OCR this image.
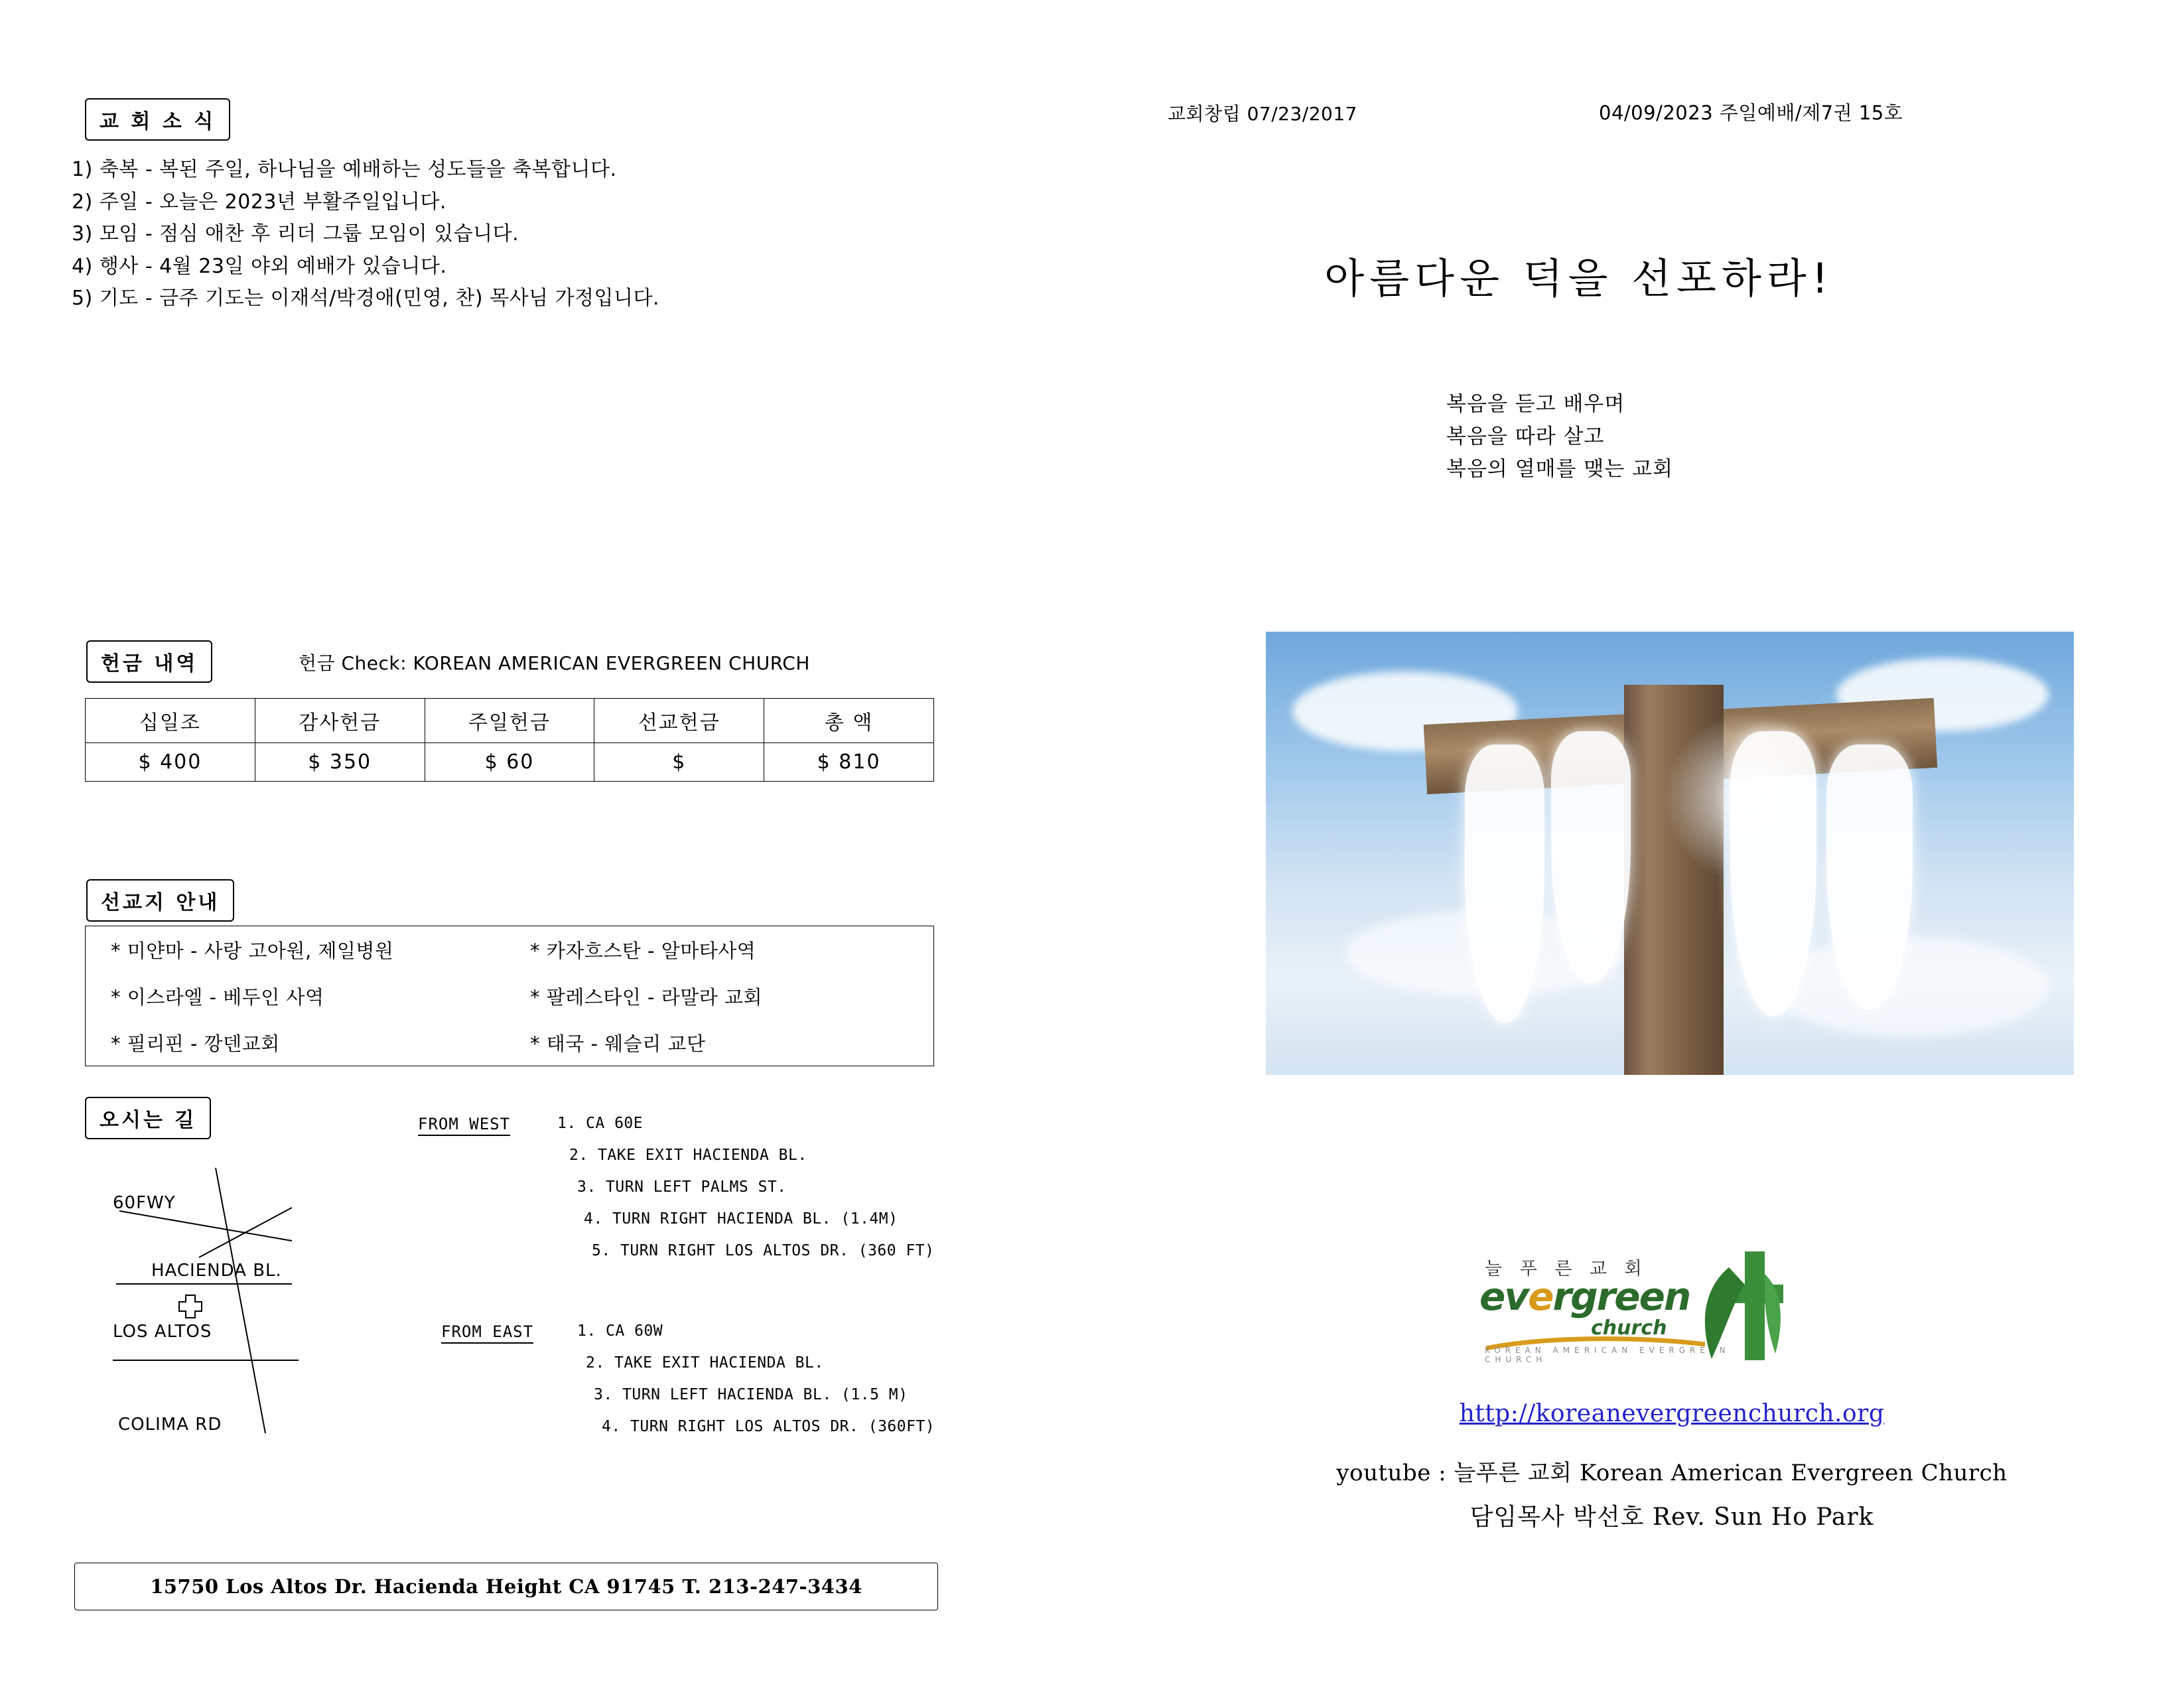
교 회 소 식
1) 축복 - 복된 주일, 하나님을 예배하는 성도들을 축복합니다.
2) 주일 - 오늘은 2023년 부활주일입니다.
3) 모임 - 점심 애찬 후 리더 그룹 모임이 있습니다.
4) 행사 - 4월 23일 야외 예배가 있습니다.
5) 기도 - 금주 기도는 이재석/박경애(민영, 찬) 목사님 가정입니다.
헌금 내역	헌금 Check: KOREAN AMERICAN EVERGREEN CHURCH
십일조	감사헌금	주일헌금	선교헌금	총 액
$ 400	$ 350	$ 60	$	$ 810
선교지 안내
* 미얀마 - 사랑 고아원, 제일병원	* 카자흐스탄 - 알마타사역
* 이스라엘 - 베두인 사역	* 팔레스타인 - 라말라 교회
* 필리핀 - 깡덴교회	* 태국 - 웨슬리 교단
오시는 길
60FWY
HACIENDA BL.
LOS ALTOS
COLIMA RD
FROM WEST	1. CA 60E
2. TAKE EXIT HACIENDA BL.
3. TURN LEFT PALMS ST.
4. TURN RIGHT HACIENDA BL. (1.4M)
5. TURN RIGHT LOS ALTOS DR. (360 FT)
FROM EAST	1. CA 60W
2. TAKE EXIT HACIENDA BL.
3. TURN LEFT HACIENDA BL. (1.5 M)
4. TURN RIGHT LOS ALTOS DR. (360FT)
15750 Los Altos Dr. Hacienda Height CA 91745 T. 213-247-3434
교회창립 07/23/2017	04/09/2023 주일예배/제7권 15호
아름다운 덕을 선포하라!
복음을 듣고 배우며
복음을 따라 살고
복음의 열매를 맺는 교회
늘 푸 른 교 회
evergreen
church
KOREAN AMERICAN EVERGREEN CHURCH
http://koreanevergreenchurch.org
youtube : 늘푸른 교회 Korean American Evergreen Church
담임목사 박선호 Rev. Sun Ho Park
